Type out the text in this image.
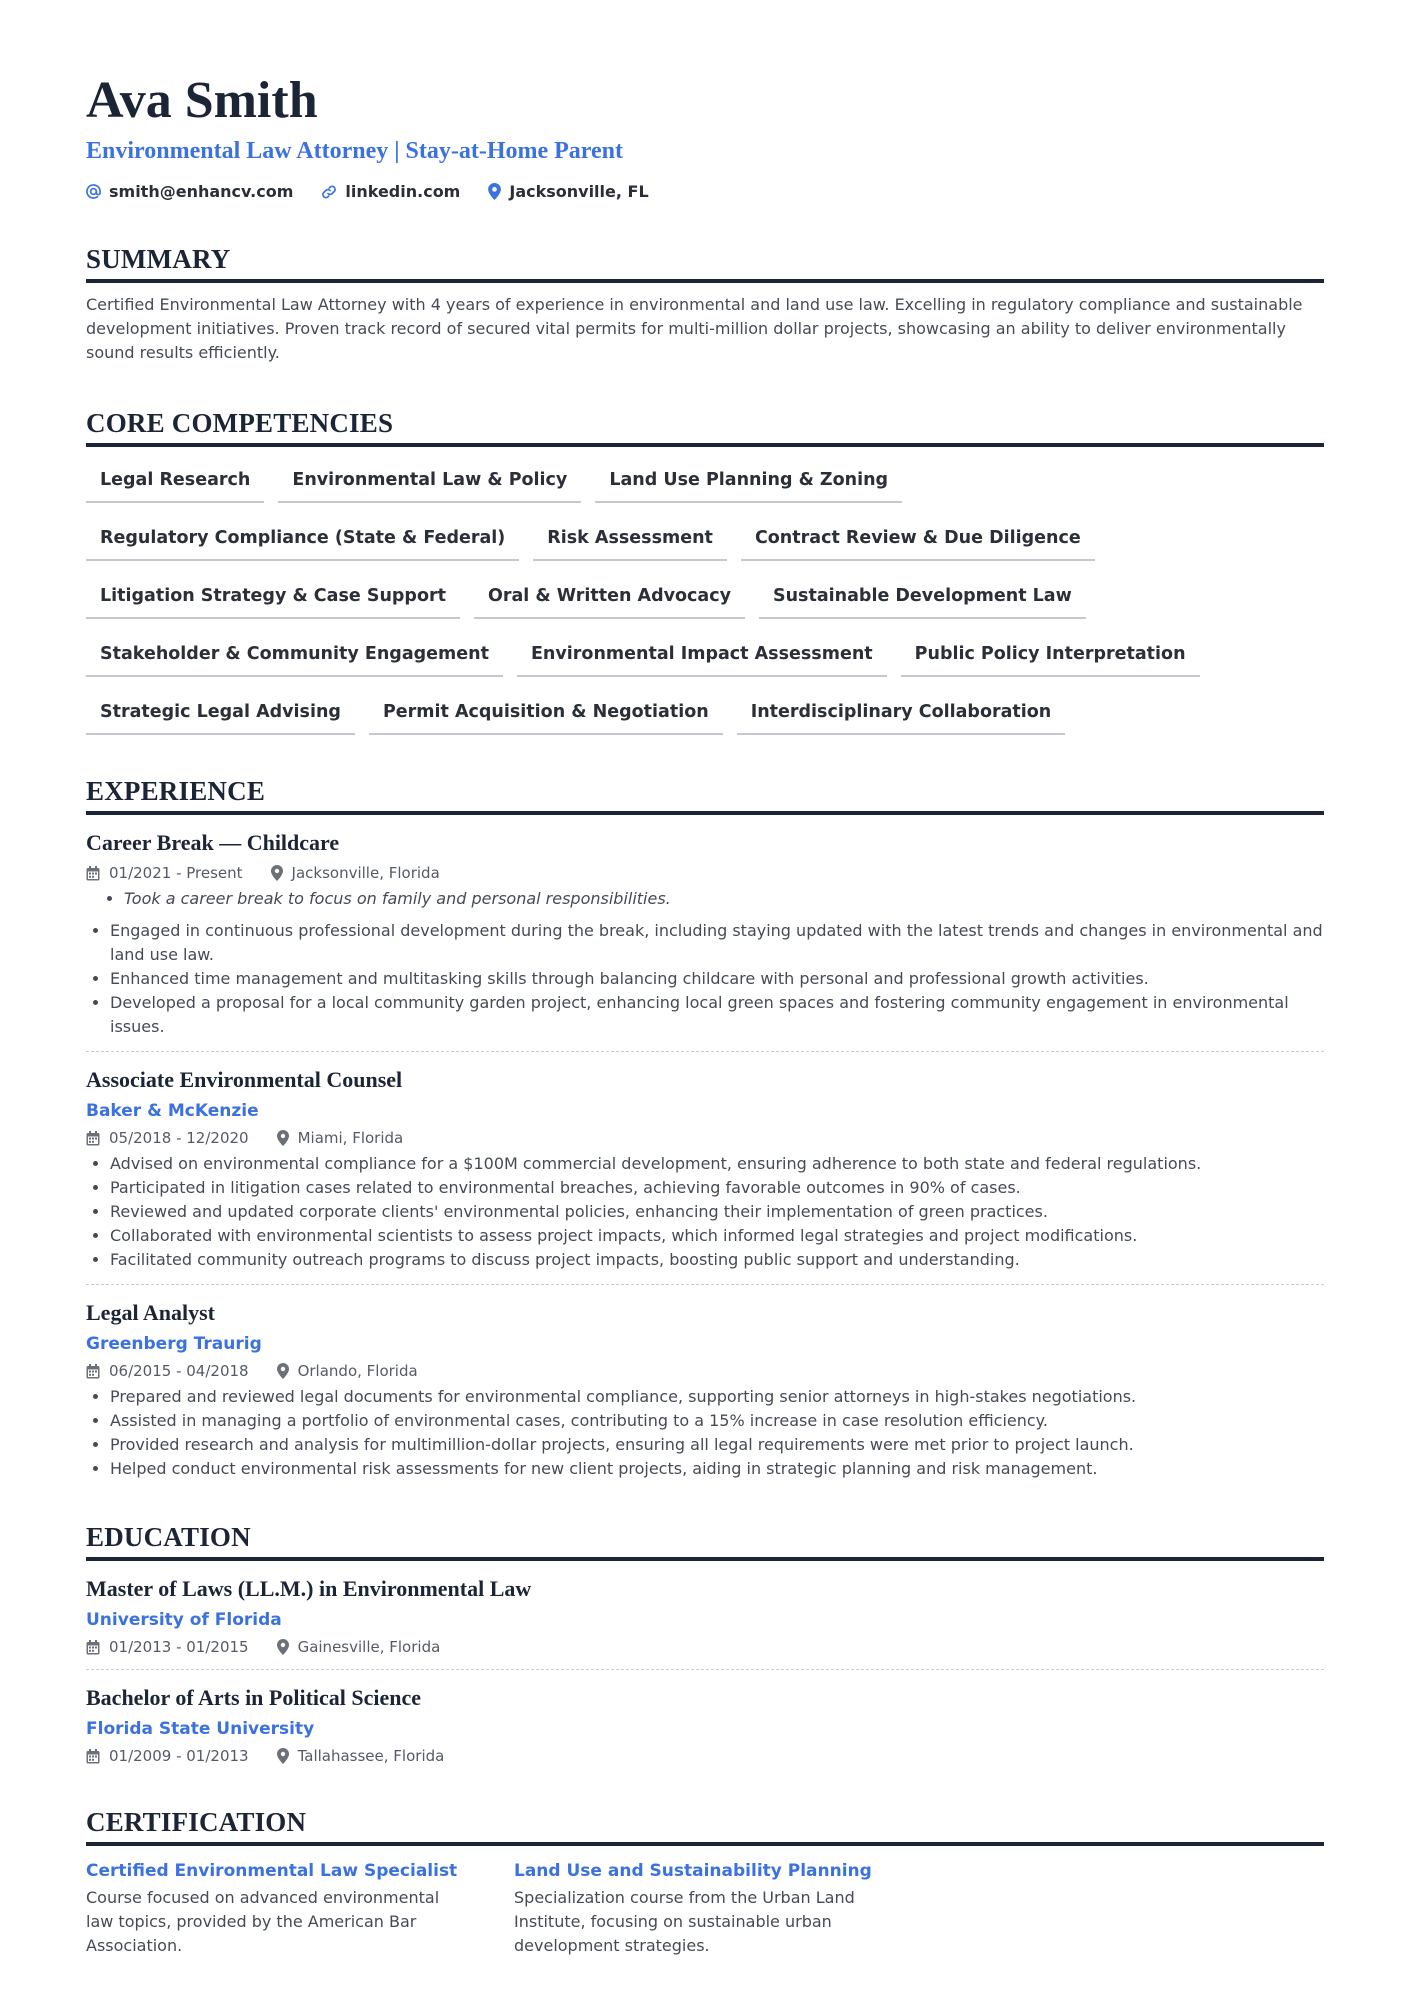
Ava Smith
Environmental Law Attorney | Stay-at-Home Parent
smith@enhancv.com	linkedin.com	Jacksonville, FL
SUMMARY
Certified Environmental Law Attorney with 4 years of experience in environmental and land use law. Excelling in regulatory compliance and sustainable development initiatives. Proven track record of secured vital permits for multi-million dollar projects, showcasing an ability to deliver environmentally sound results efficiently.
CORE COMPETENCIES
Legal Research	Environmental Law & Policy	Land Use Planning & Zoning
Regulatory Compliance (State & Federal)	Risk Assessment	Contract Review & Due Diligence
Litigation Strategy & Case Support	Oral & Written Advocacy	Sustainable Development Law
Stakeholder & Community Engagement	Environmental Impact Assessment	Public Policy Interpretation
Strategic Legal Advising	Permit Acquisition & Negotiation	Interdisciplinary Collaboration
EXPERIENCE
Career Break — Childcare
01/2021 - Present	Jacksonville, Florida
• Took a career break to focus on family and personal responsibilities.
• Engaged in continuous professional development during the break, including staying updated with the latest trends and changes in environmental and land use law.
• Enhanced time management and multitasking skills through balancing childcare with personal and professional growth activities.
• Developed a proposal for a local community garden project, enhancing local green spaces and fostering community engagement in environmental issues.
Associate Environmental Counsel
Baker & McKenzie
05/2018 - 12/2020	Miami, Florida
• Advised on environmental compliance for a $100M commercial development, ensuring adherence to both state and federal regulations.
• Participated in litigation cases related to environmental breaches, achieving favorable outcomes in 90% of cases.
• Reviewed and updated corporate clients' environmental policies, enhancing their implementation of green practices.
• Collaborated with environmental scientists to assess project impacts, which informed legal strategies and project modifications.
• Facilitated community outreach programs to discuss project impacts, boosting public support and understanding.
Legal Analyst
Greenberg Traurig
06/2015 - 04/2018	Orlando, Florida
• Prepared and reviewed legal documents for environmental compliance, supporting senior attorneys in high-stakes negotiations.
• Assisted in managing a portfolio of environmental cases, contributing to a 15% increase in case resolution efficiency.
• Provided research and analysis for multimillion-dollar projects, ensuring all legal requirements were met prior to project launch.
• Helped conduct environmental risk assessments for new client projects, aiding in strategic planning and risk management.
EDUCATION
Master of Laws (LL.M.) in Environmental Law
University of Florida
01/2013 - 01/2015	Gainesville, Florida
Bachelor of Arts in Political Science
Florida State University
01/2009 - 01/2013	Tallahassee, Florida
CERTIFICATION
Certified Environmental Law Specialist
Course focused on advanced environmental law topics, provided by the American Bar Association.
Land Use and Sustainability Planning
Specialization course from the Urban Land Institute, focusing on sustainable urban development strategies.
